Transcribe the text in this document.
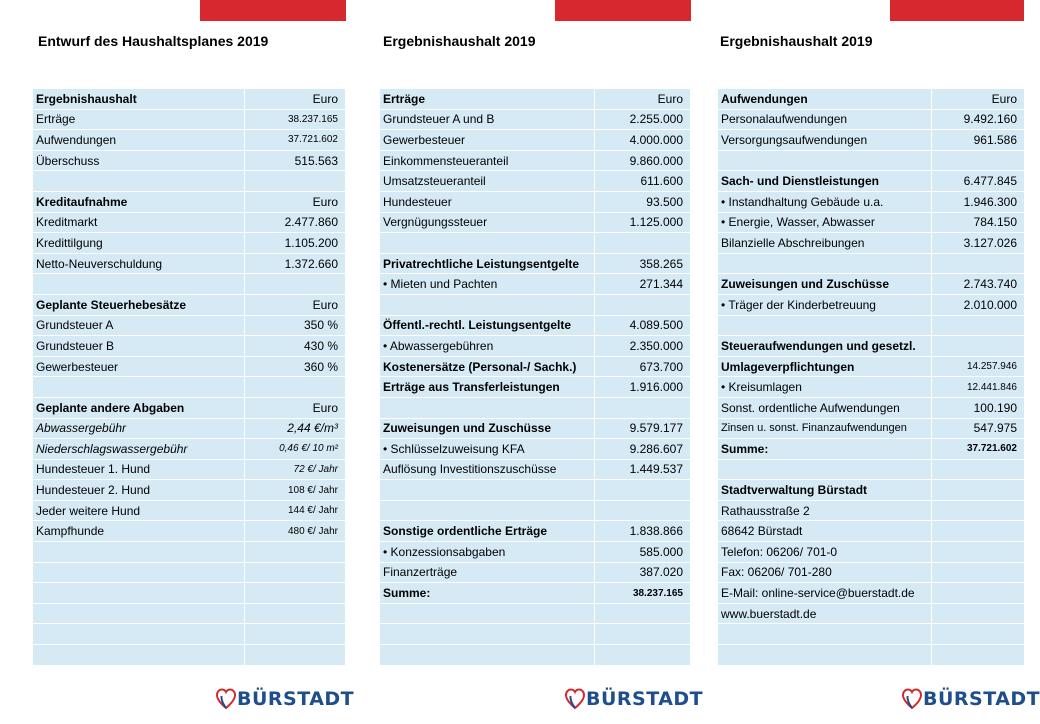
Entwurf des Haushaltsplanes 2019	Ergebnishaushalt 2019	Ergebnishaushalt 2019
Ergebnishaushalt	Euro
Erträge	38.237.165
Aufwendungen	37.721.602
Überschuss	515.563
Kreditaufnahme	Euro
Kreditmarkt	2.477.860
Kredittilgung	1.105.200
Netto-Neuverschuldung	1.372.660
Geplante Steuerhebesätze	Euro
Grundsteuer A	350 %
Grundsteuer B	430 %
Gewerbesteuer	360 %
Geplante andere Abgaben	Euro
Abwassergebühr	2,44 €/m³
Niederschlagswassergebühr	0,46 €/ 10 m²
Hundesteuer 1. Hund	72 €/ Jahr
Hundesteuer 2. Hund	108 €/ Jahr
Jeder weitere Hund	144 €/ Jahr
Kampfhunde	480 €/ Jahr
Erträge	Euro
Grundsteuer A und B	2.255.000
Gewerbesteuer	4.000.000
Einkommensteueranteil	9.860.000
Umsatzsteueranteil	611.600
Hundesteuer	93.500
Vergnügungssteuer	1.125.000
Privatrechtliche Leistungsentgelte	358.265
• Mieten und Pachten	271.344
Öffentl.-rechtl. Leistungsentgelte	4.089.500
• Abwassergebühren	2.350.000
Kostenersätze (Personal-/ Sachk.)	673.700
Erträge aus Transferleistungen	1.916.000
Zuweisungen und Zuschüsse	9.579.177
• Schlüsselzuweisung KFA	9.286.607
Auflösung Investitionszuschüsse	1.449.537
Sonstige ordentliche Erträge	1.838.866
• Konzessionsabgaben	585.000
Finanzerträge	387.020
Summe:	38.237.165
Aufwendungen	Euro
Personalaufwendungen	9.492.160
Versorgungsaufwendungen	961.586
Sach- und Dienstleistungen	6.477.845
• Instandhaltung Gebäude u.a.	1.946.300
• Energie, Wasser, Abwasser	784.150
Bilanzielle Abschreibungen	3.127.026
Zuweisungen und Zuschüsse	2.743.740
• Träger der Kinderbetreuung	2.010.000
Steueraufwendungen und gesetzl.
Umlageverpflichtungen	14.257.946
• Kreisumlagen	12.441.846
Sonst. ordentliche Aufwendungen	100.190
Zinsen u. sonst. Finanzaufwendungen	547.975
Summe:	37.721.602
Stadtverwaltung Bürstadt
Rathausstraße 2
68642 Bürstadt
Telefon: 06206/ 701-0
Fax: 06206/ 701-280
E-Mail: online-service@buerstadt.de
www.buerstadt.de
BÜRSTADT	BÜRSTADT	BÜRSTADT
